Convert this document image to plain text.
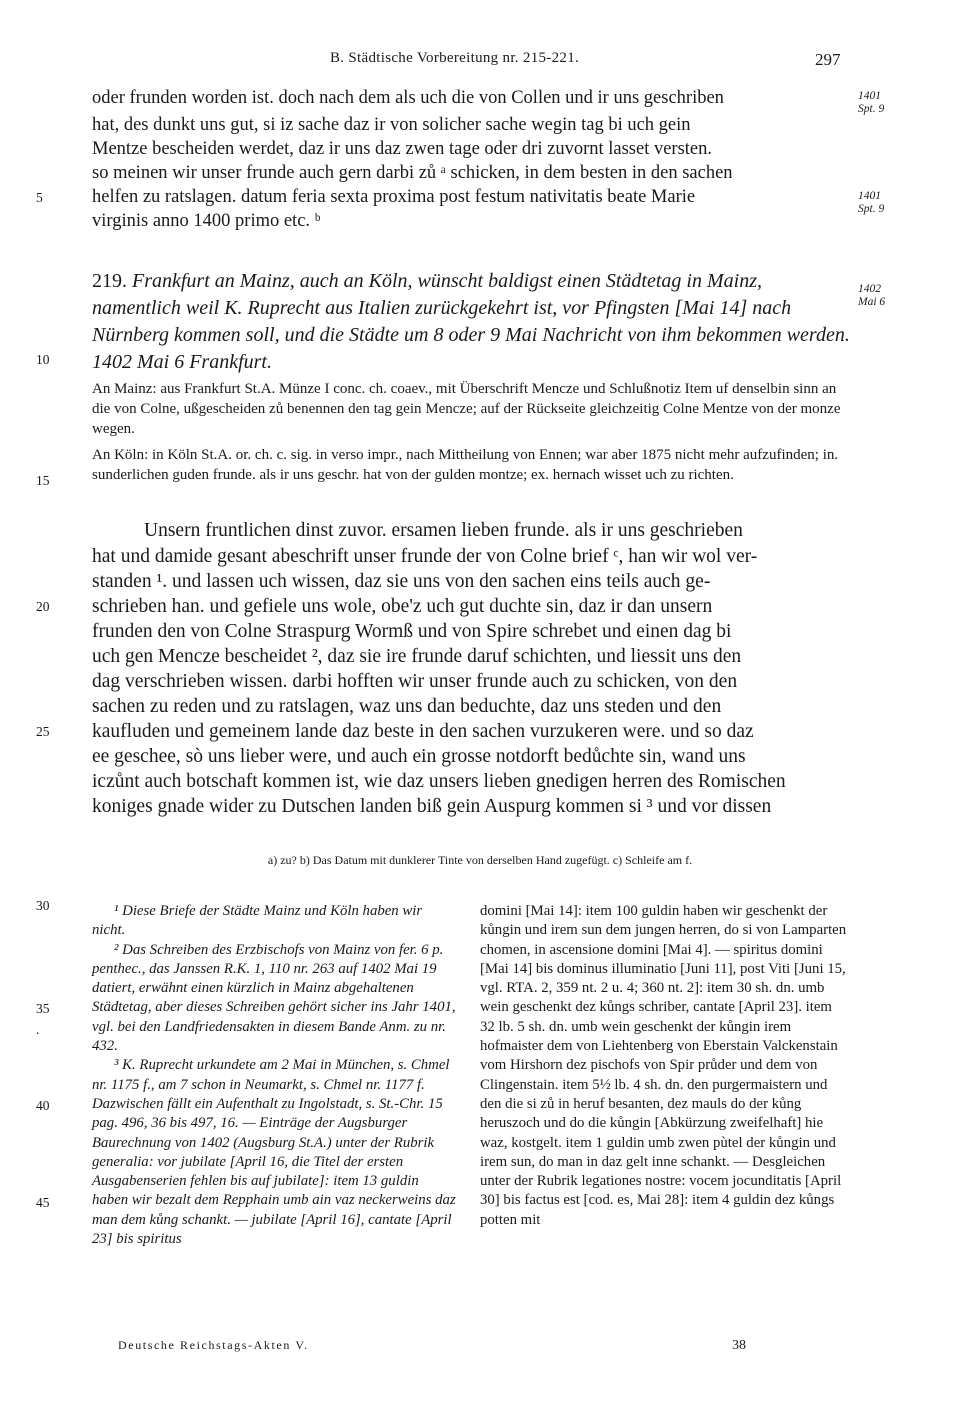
B. Städtische Vorbereitung nr. 215-221.	297
oder frunden worden ist. doch nach dem als uch die von Collen und ir uns geschriben
hat, des dunkt uns gut, si iz sache daz ir von solicher sache wegin tag bi uch gein
Mentze bescheiden werdet, daz ir uns daz zwen tage oder dri zuvornt lasset versten.
so meinen wir unser frunde auch gern darbi zů ᵃ schicken, in dem besten in den sachen
helfen zu ratslagen. datum feria sexta proxima post festum nativitatis beate Marie
virginis anno 1400 primo etc. ᵇ
1401
Spt. 9
1401
Spt. 9
1402
Mai 6
5
10
15
20
25
30
35
.
40
45
219. Frankfurt an Mainz, auch an Köln, wünscht baldigst einen Städtetag in Mainz, namentlich weil K. Ruprecht aus Italien zurückgekehrt ist, vor Pfingsten [Mai 14] nach Nürnberg kommen soll, und die Städte um 8 oder 9 Mai Nachricht von ihm bekommen werden. 1402 Mai 6 Frankfurt.
An Mainz: aus Frankfurt St.A. Münze I conc. ch. coaev., mit Überschrift Mencze und Schlußnotiz Item uf denselbin sinn an die von Colne, ußgescheiden zů benennen den tag gein Mencze; auf der Rückseite gleichzeitig Colne Mentze von der monze wegen.
An Köln: in Köln St.A. or. ch. c. sig. in verso impr., nach Mittheilung von Ennen; war aber 1875 nicht mehr aufzufinden; in. sunderlichen guden frunde. als ir uns geschr. hat von der gulden montze; ex. hernach wisset uch zu richten.
Unsern fruntlichen dinst zuvor. ersamen lieben frunde. als ir uns geschrieben
hat und damide gesant abeschrift unser frunde der von Colne brief ᶜ, han wir wol ver-
standen ¹. und lassen uch wissen, daz sie uns von den sachen eins teils auch ge-
schrieben han. und gefiele uns wole, obe'z uch gut duchte sin, daz ir dan unsern
frunden den von Colne Straspurg Wormß und von Spire schrebet und einen dag bi
uch gen Mencze bescheidet ², daz sie ire frunde daruf schichten, und liessit uns den
dag verschrieben wissen. darbi hofften wir unser frunde auch zu schicken, von den
sachen zu reden und zu ratslagen, waz uns dan beduchte, daz uns steden und den
kaufluden und gemeinem lande daz beste in den sachen vurzukeren were. und so daz
ee geschee, sò uns lieber were, und auch ein grosse notdorft bedůchte sin, wand uns
iczůnt auch botschaft kommen ist, wie daz unsers lieben gnedigen herren des Romischen
koniges gnade wider zu Dutschen landen biß gein Auspurg kommen si ³ und vor dissen
a) zu? b) Das Datum mit dunklerer Tinte von derselben Hand zugefügt. c) Schleife am f.

¹ Diese Briefe der Städte Mainz und Köln haben wir nicht.

² Das Schreiben des Erzbischofs von Mainz von fer. 6 p. penthec., das Janssen R.K. 1, 110 nr. 263 auf 1402 Mai 19 datiert, erwähnt einen kürzlich in Mainz abgehaltenen Städtetag, aber dieses Schreiben gehört sicher ins Jahr 1401, vgl. bei den Landfriedensakten in diesem Bande Anm. zu nr. 432.

³ K. Ruprecht urkundete am 2 Mai in München, s. Chmel nr. 1175 f., am 7 schon in Neumarkt, s. Chmel nr. 1177 f. Dazwischen fällt ein Aufenthalt zu Ingolstadt, s. St.-Chr. 15 pag. 496, 36 bis 497, 16. — Einträge der Augsburger Baurechnung von 1402 (Augsburg St.A.) unter der Rubrik generalia: vor jubilate [April 16, die Titel der ersten Ausgabenserien fehlen bis auf jubilate]: item 13 guldin haben wir bezalt dem Repphain umb ain vaz neckerweins daz man dem kůng schankt. — jubilate [April 16], cantate [April 23] bis spiritus

domini [Mai 14]: item 100 guldin haben wir geschenkt der kůngin und irem sun dem jungen herren, do si von Lamparten chomen, in ascensione domini [Mai 4]. — spiritus domini [Mai 14] bis dominus illuminatio [Juni 11], post Viti [Juni 15, vgl. RTA. 2, 359 nt. 2 u. 4; 360 nt. 2]: item 30 sh. dn. umb wein geschenkt dez kůngs schriber, cantate [April 23]. item 32 lb. 5 sh. dn. umb wein geschenkt der kůngin irem hofmaister dem von Liehtenberg von Eberstain Valckenstain vom Hirshorn dez pischofs von Spir průder und dem von Clingenstain. item 5½ lb. 4 sh. dn. den purgermaistern und den die si zů in heruf besanten, dez mauls do der kůng heruszoch und do die kůngin [Abkürzung zweifelhaft] hie waz, kostgelt. item 1 guldin umb zwen pùtel der kůngin und irem sun, do man in daz gelt inne schankt. — Desgleichen unter der Rubrik legationes nostre: vocem jocunditatis [April 30] bis factus est [cod. es, Mai 28]: item 4 guldin dez kůngs potten mit

Deutsche Reichstags-Akten V.	38
